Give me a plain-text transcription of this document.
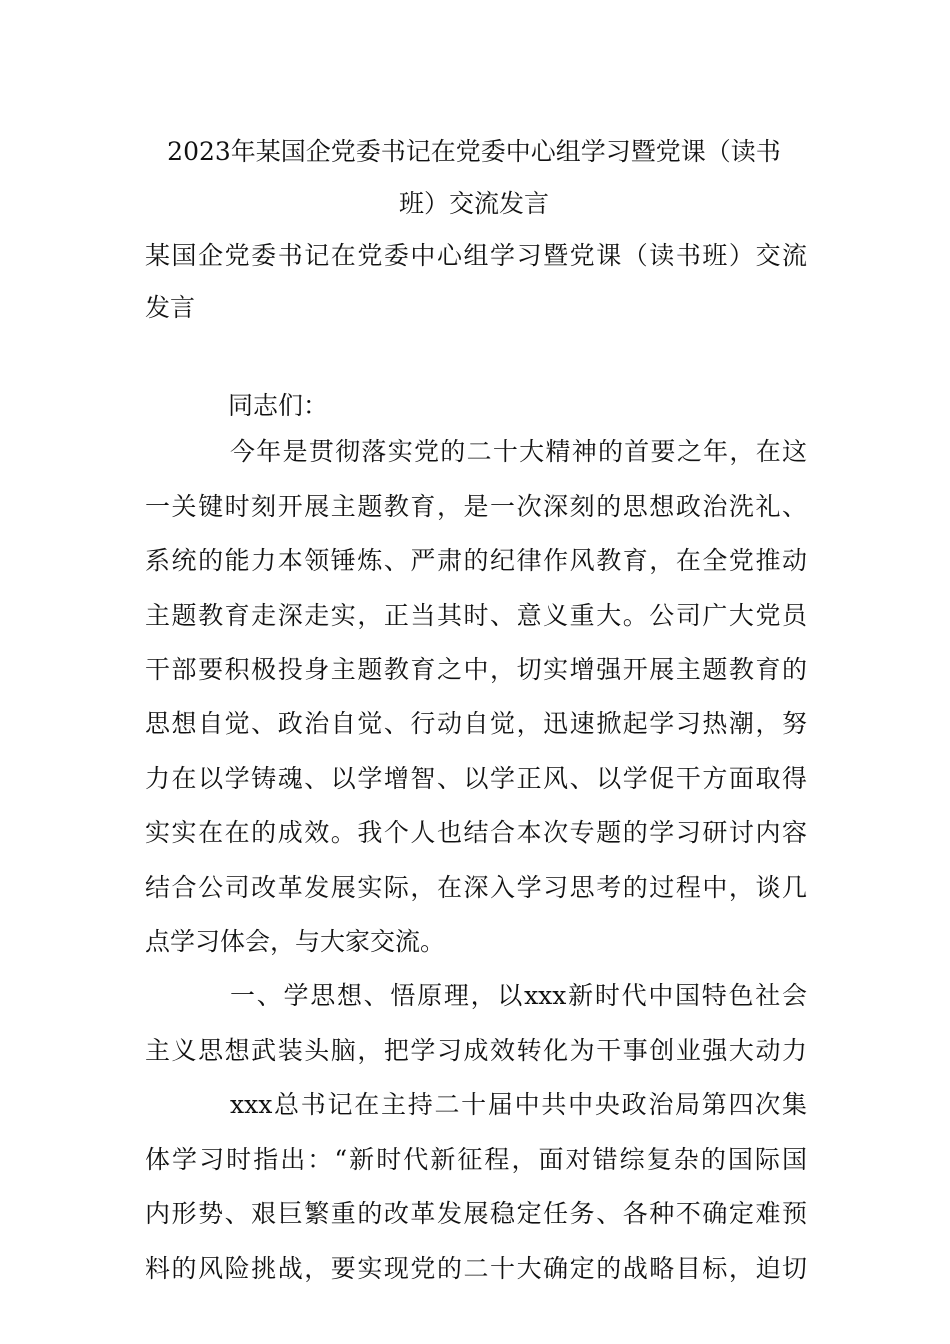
2023年某国企党委书记在党委中心组学习暨党课（读书
班）交流发言

某国企党委书记在党委中心组学习暨党课（读书班）交流

发言

同志们：

今年是贯彻落实党的二十大精神的首要之年，在这

一关键时刻开展主题教育，是一次深刻的思想政治洗礼、

系统的能力本领锤炼、严肃的纪律作风教育，在全党推动

主题教育走深走实，正当其时、意义重大。公司广大党员

干部要积极投身主题教育之中，切实增强开展主题教育的

思想自觉、政治自觉、行动自觉，迅速掀起学习热潮，努

力在以学铸魂、以学增智、以学正风、以学促干方面取得

实实在在的成效。我个人也结合本次专题的学习研讨内容

结合公司改革发展实际，在深入学习思考的过程中，谈几

点学习体会，与大家交流。

一、学思想、悟原理，以xxx新时代中国特色社会

主义思想武装头脑，把学习成效转化为干事创业强大动力

xxx总书记在主持二十届中共中央政治局第四次集

体学习时指出：“新时代新征程，面对错综复杂的国际国

内形势、艰巨繁重的改革发展稳定任务、各种不确定难预

料的风险挑战，要实现党的二十大确定的战略目标，迫切
